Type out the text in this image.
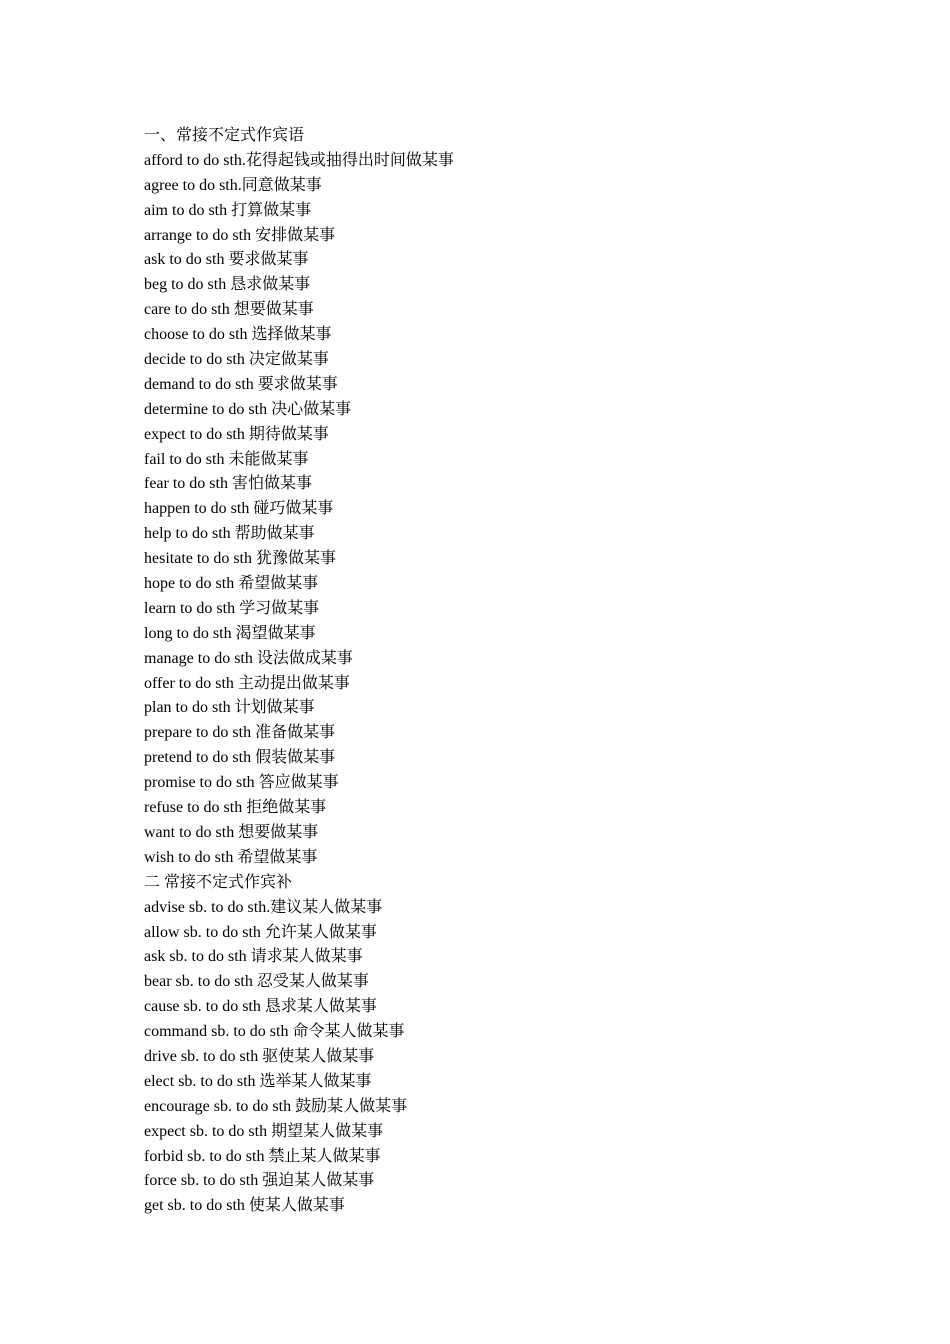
一、常接不定式作宾语

afford to do sth.花得起钱或抽得出时间做某事

agree to do sth.同意做某事

aim to do sth 打算做某事

arrange to do sth 安排做某事

ask to do sth 要求做某事

beg to do sth 恳求做某事

care to do sth 想要做某事

choose to do sth 选择做某事

decide to do sth 决定做某事

demand to do sth 要求做某事

determine to do sth 决心做某事

expect to do sth 期待做某事

fail to do sth 未能做某事

fear to do sth 害怕做某事

happen to do sth 碰巧做某事

help to do sth 帮助做某事

hesitate to do sth 犹豫做某事

hope to do sth 希望做某事

learn to do sth 学习做某事

long to do sth 渴望做某事

manage to do sth 设法做成某事

offer to do sth 主动提出做某事

plan to do sth 计划做某事

prepare to do sth 准备做某事

pretend to do sth 假装做某事

promise to do sth 答应做某事

refuse to do sth 拒绝做某事

want to do sth 想要做某事

wish to do sth 希望做某事

二 常接不定式作宾补

advise sb. to do sth.建议某人做某事

allow sb. to do sth 允许某人做某事

ask sb. to do sth 请求某人做某事

bear sb. to do sth 忍受某人做某事

cause sb. to do sth 恳求某人做某事

command sb. to do sth 命令某人做某事

drive sb. to do sth 驱使某人做某事

elect sb. to do sth 选举某人做某事

encourage sb. to do sth 鼓励某人做某事

expect sb. to do sth 期望某人做某事

forbid sb. to do sth 禁止某人做某事

force sb. to do sth 强迫某人做某事

get sb. to do sth 使某人做某事
